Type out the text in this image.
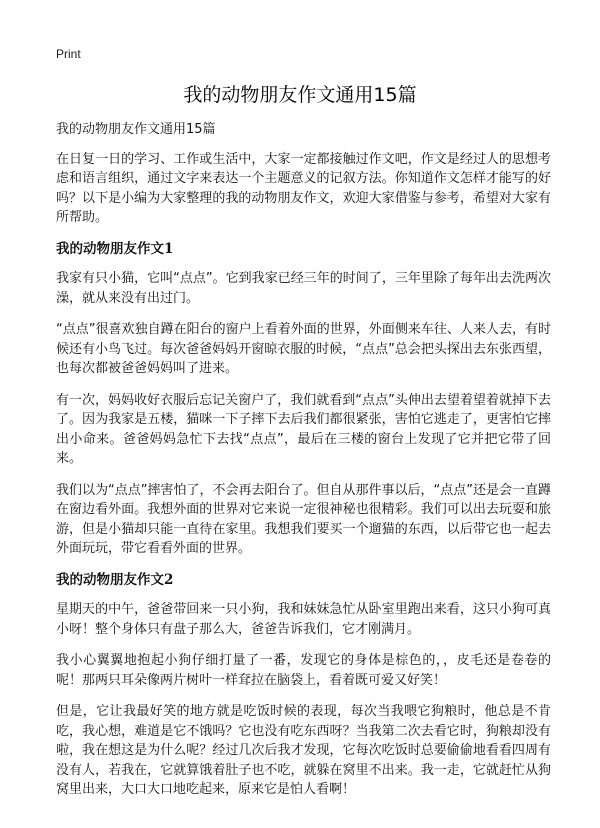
Print
我的动物朋友作文通用15篇
我的动物朋友作文通用15篇

在日复一日的学习、工作或生活中，大家一定都接触过作文吧，作文是经过人的思想考虑和语言组织，通过文字来表达一个主题意义的记叙方法。你知道作文怎样才能写的好吗？以下是小编为大家整理的我的动物朋友作文，欢迎大家借鉴与参考，希望对大家有所帮助。

我的动物朋友作文1

我家有只小猫，它叫“点点”。它到我家已经三年的时间了，三年里除了每年出去洗两次澡，就从来没有出过门。

“点点”很喜欢独自蹲在阳台的窗户上看着外面的世界，外面侧来车往、人来人去，有时候还有小鸟飞过。每次爸爸妈妈开窗晾衣服的时候，“点点”总会把头探出去东张西望，也每次都被爸爸妈妈叫了进来。

有一次，妈妈收好衣服后忘记关窗户了，我们就看到“点点”头伸出去望着望着就掉下去了。因为我家是五楼，猫咪一下子摔下去后我们都很紧张，害怕它逃走了，更害怕它摔出小命来。爸爸妈妈急忙下去找“点点”，最后在三楼的窗台上发现了它并把它带了回来。

我们以为“点点”摔害怕了，不会再去阳台了。但自从那件事以后，“点点”还是会一直蹲在窗边看外面。我想外面的世界对它来说一定很神秘也很精彩。我们可以出去玩耍和旅游，但是小猫却只能一直待在家里。我想我们要买一个遛猫的东西，以后带它也一起去外面玩玩，带它看看外面的世界。

我的动物朋友作文2

星期天的中午，爸爸带回来一只小狗，我和妹妹急忙从卧室里跑出来看，这只小狗可真小呀！整个身体只有盘子那么大，爸爸告诉我们，它才刚满月。

我小心翼翼地抱起小狗仔细打量了一番，发现它的身体是棕色的，，皮毛还是卷卷的呢！那两只耳朵像两片树叶一样耷拉在脑袋上，看着既可爱又好笑！

但是，它让我最好笑的地方就是吃饭时候的表现，每次当我喂它狗粮时，他总是不肯吃，我心想，难道是它不饿吗？它也没有吃东西呀？当我第二次去看它时，狗粮却没有啦，我在想这是为什么呢？经过几次后我才发现，它每次吃饭时总要偷偷地看看四周有没有人，若我在，它就算饿着肚子也不吃，就躲在窝里不出来。我一走，它就赶忙从狗窝里出来，大口大口地吃起来，原来它是怕人看啊！
